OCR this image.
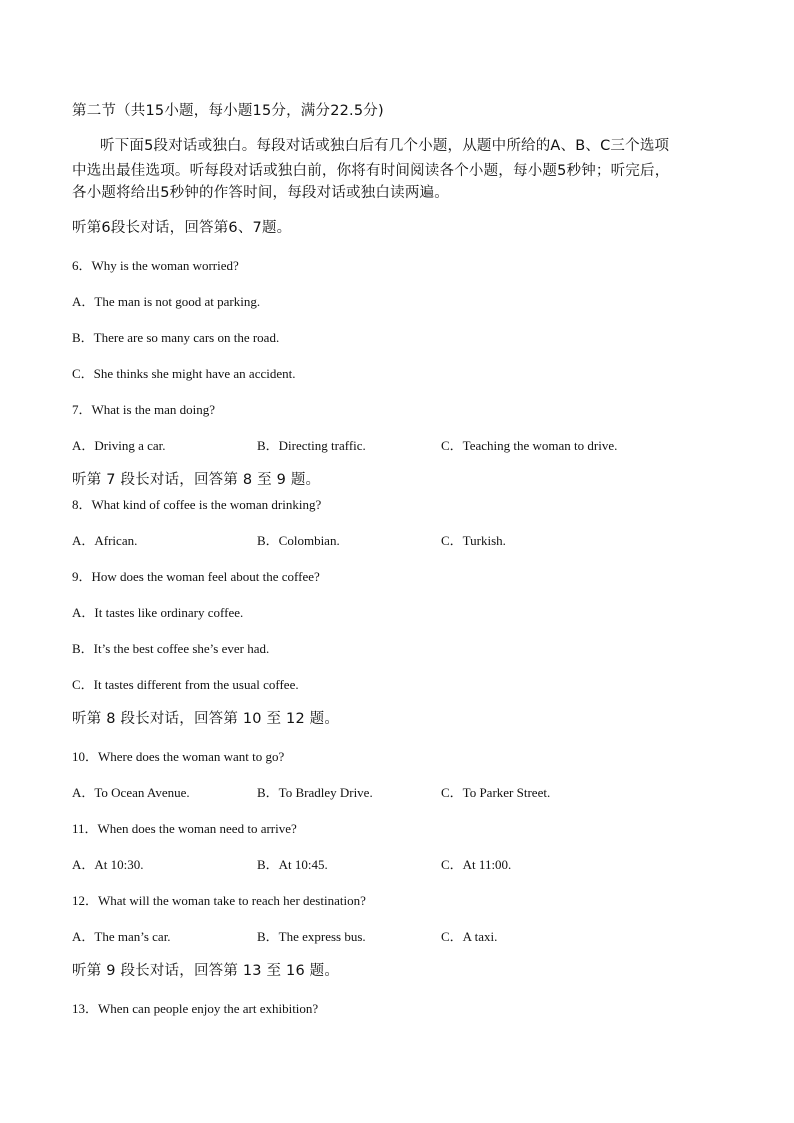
第二节（共15小题，每小题15分，满分22.5分)
听下面5段对话或独白。每段对话或独白后有几个小题，从题中所给的A、B、C三个选项
中选出最佳选项。听每段对话或独白前，你将有时间阅读各个小题，每小题5秒钟；听完后，
各小题将给出5秒钟的作答时间，每段对话或独白读两遍。
听第6段长对话，回答第6、7题。
6．Why is the woman worried?
A．The man is not good at parking.
B．There are so many cars on the road.
C．She thinks she might have an accident.
7．What is the man doing?
A．Driving a car.	B．Directing traffic.	C．Teaching the woman to drive.
听第 7 段长对话，回答第 8 至 9 题。
8．What kind of coffee is the woman drinking?
A．African.	B．Colombian.	C．Turkish.
9．How does the woman feel about the coffee?
A．It tastes like ordinary coffee.
B．It’s the best coffee she’s ever had.
C．It tastes different from the usual coffee.
听第 8 段长对话，回答第 10 至 12 题。
10．Where does the woman want to go?
A．To Ocean Avenue.	B．To Bradley Drive.	C．To Parker Street.
11．When does the woman need to arrive?
A．At 10:30.	B．At 10:45.	C．At 11:00.
12．What will the woman take to reach her destination?
A．The man’s car.	B．The express bus.	C．A taxi.
听第 9 段长对话，回答第 13 至 16 题。
13．When can people enjoy the art exhibition?
